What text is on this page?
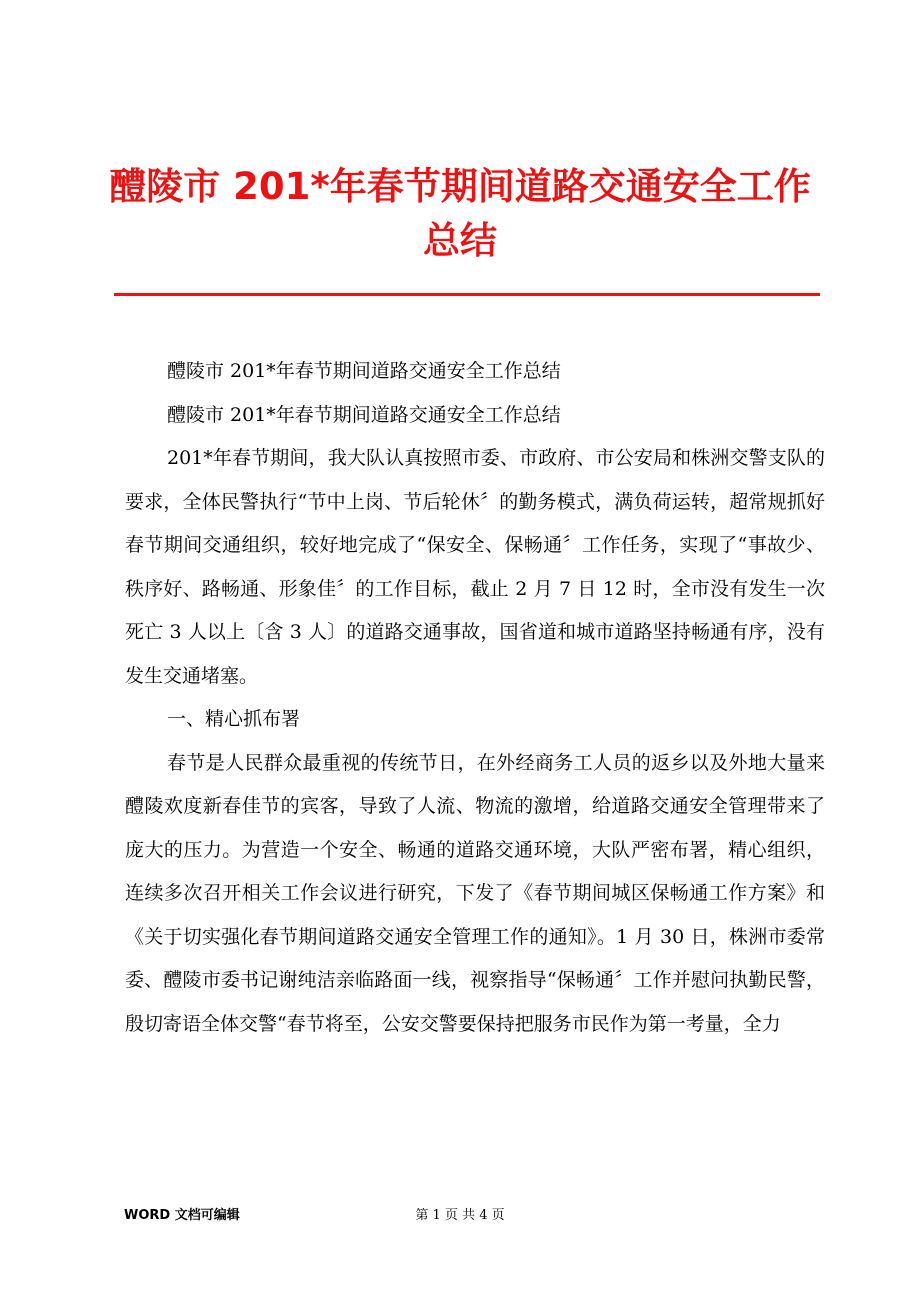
醴陵市 201*年春节期间道路交通安全工作
总结

醴陵市 201*年春节期间道路交通安全工作总结

醴陵市 201*年春节期间道路交通安全工作总结

201*年春节期间，我大队认真按照市委、市政府、市公安局和株洲交警支队的要求，全体民警执行“节中上岗、节后轮休〞的勤务模式，满负荷运转，超常规抓好春节期间交通组织，较好地完成了“保安全、保畅通〞工作任务，实现了“事故少、秩序好、路畅通、形象佳〞的工作目标，截止 2 月 7 日 12 时，全市没有发生一次死亡 3 人以上〔含 3 人〕的道路交通事故，国省道和城市道路坚持畅通有序，没有发生交通堵塞。

一、精心抓布署

春节是人民群众最重视的传统节日，在外经商务工人员的返乡以及外地大量来醴陵欢度新春佳节的宾客，导致了人流、物流的激增，给道路交通安全管理带来了庞大的压力。为营造一个安全、畅通的道路交通环境，大队严密布署，精心组织，连续多次召开相关工作会议进行研究，下发了《春节期间城区保畅通工作方案》和《关于切实强化春节期间道路交通安全管理工作的通知》。1 月 30 日，株洲市委常委、醴陵市委书记谢纯洁亲临路面一线，视察指导“保畅通〞工作并慰问执勤民警，殷切寄语全体交警“春节将至，公安交警要保持把服务市民作为第一考量，全力

WORD 文档可编辑	第 1 页 共 4 页
